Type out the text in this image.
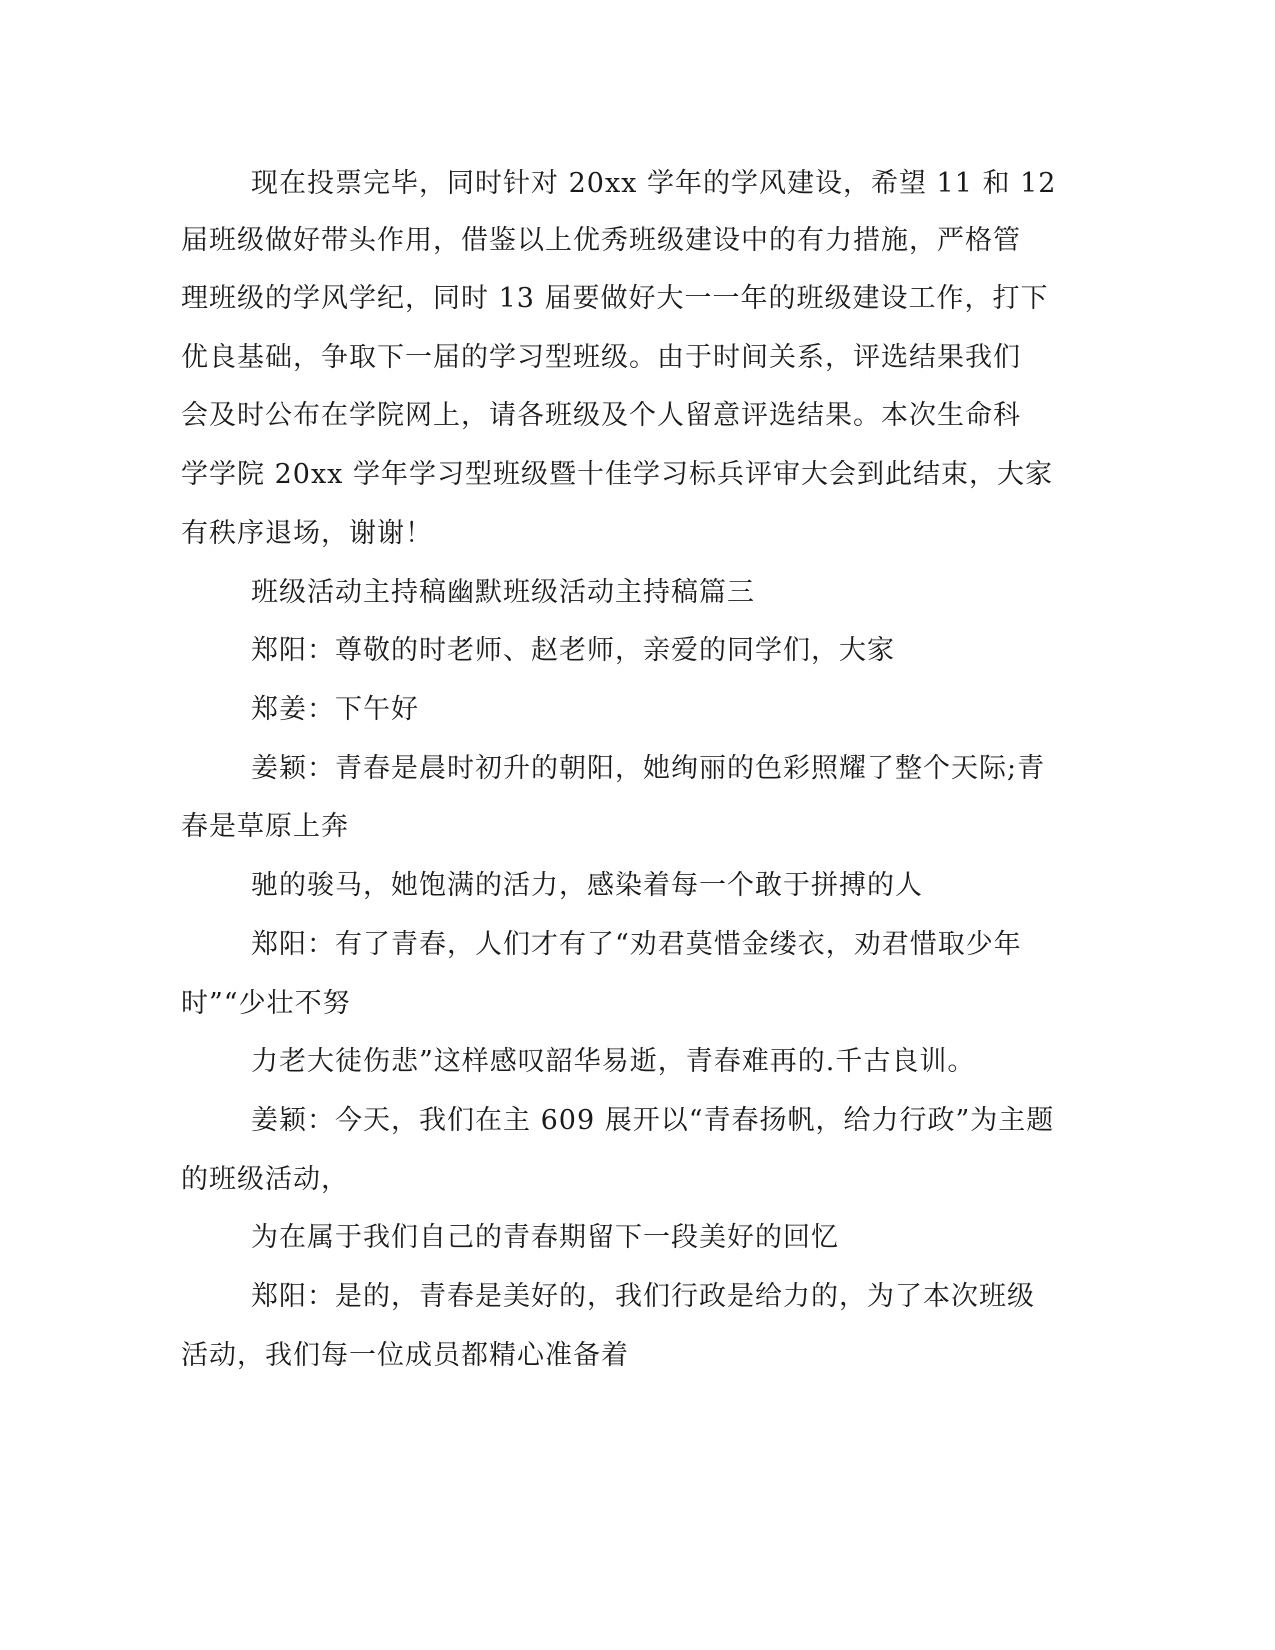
现在投票完毕，同时针对 20xx 学年的学风建设，希望 11 和 12
届班级做好带头作用，借鉴以上优秀班级建设中的有力措施，严格管
理班级的学风学纪，同时 13 届要做好大一一年的班级建设工作，打下
优良基础，争取下一届的学习型班级。由于时间关系，评选结果我们
会及时公布在学院网上，请各班级及个人留意评选结果。本次生命科
学学院 20xx 学年学习型班级暨十佳学习标兵评审大会到此结束，大家
有秩序退场，谢谢！
班级活动主持稿幽默班级活动主持稿篇三
郑阳：尊敬的时老师、赵老师，亲爱的同学们，大家
郑姜：下午好
姜颖：青春是晨时初升的朝阳，她绚丽的色彩照耀了整个天际;青
春是草原上奔
驰的骏马，她饱满的活力，感染着每一个敢于拼搏的人
郑阳：有了青春，人们才有了“劝君莫惜金缕衣，劝君惜取少年
时”“少壮不努
力老大徒伤悲”这样感叹韶华易逝，青春难再的.千古良训。
姜颖：今天，我们在主 609 展开以“青春扬帆，给力行政”为主题
的班级活动，
为在属于我们自己的青春期留下一段美好的回忆
郑阳：是的，青春是美好的，我们行政是给力的，为了本次班级
活动，我们每一位成员都精心准备着
